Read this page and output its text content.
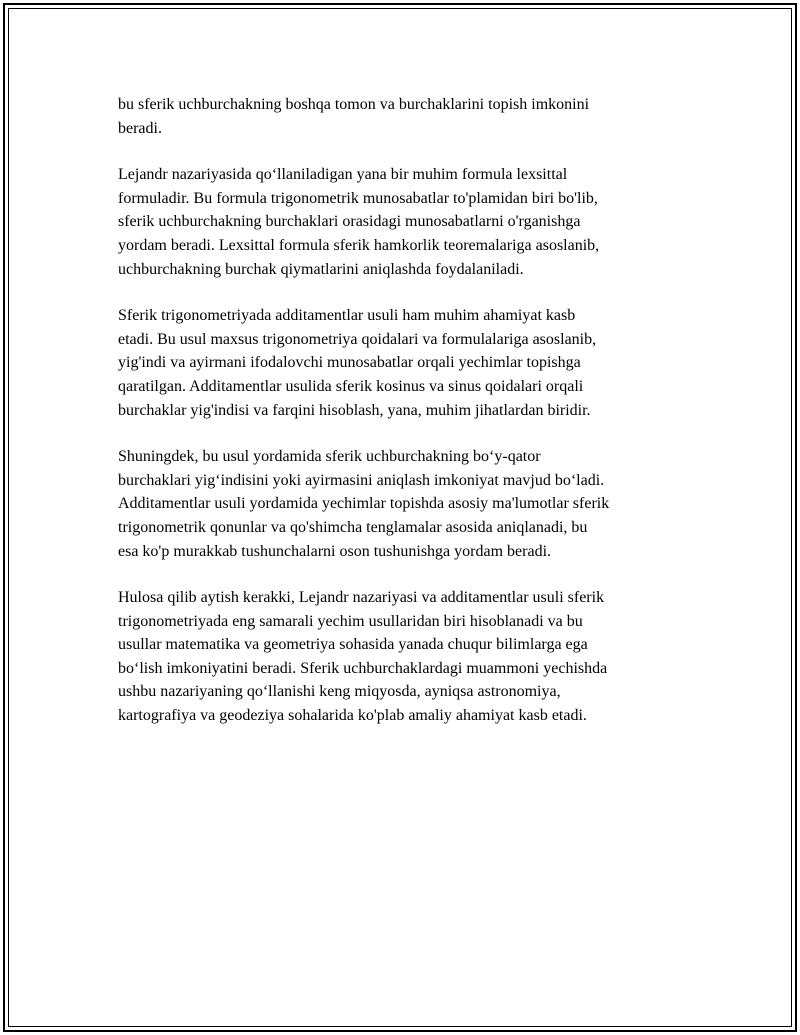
bu sferik uchburchakning boshqa tomon va burchaklarini topish imkonini
beradi.

Lejandr nazariyasida qo‘llaniladigan yana bir muhim formula lexsittal
formuladir. Bu formula trigonometrik munosabatlar to'plamidan biri bo'lib,
sferik uchburchakning burchaklari orasidagi munosabatlarni o'rganishga
yordam beradi. Lexsittal formula sferik hamkorlik teoremalariga asoslanib,
uchburchakning burchak qiymatlarini aniqlashda foydalaniladi.

Sferik trigonometriyada additamentlar usuli ham muhim ahamiyat kasb
etadi. Bu usul maxsus trigonometriya qoidalari va formulalariga asoslanib,
yig'indi va ayirmani ifodalovchi munosabatlar orqali yechimlar topishga
qaratilgan. Additamentlar usulida sferik kosinus va sinus qoidalari orqali
burchaklar yig'indisi va farqini hisoblash, yana, muhim jihatlardan biridir.

Shuningdek, bu usul yordamida sferik uchburchakning bo‘y-qator
burchaklari yig‘indisini yoki ayirmasini aniqlash imkoniyat mavjud bo‘ladi.
Additamentlar usuli yordamida yechimlar topishda asosiy ma'lumotlar sferik
trigonometrik qonunlar va qo'shimcha tenglamalar asosida aniqlanadi, bu
esa ko'p murakkab tushunchalarni oson tushunishga yordam beradi.

Hulosa qilib aytish kerakki, Lejandr nazariyasi va additamentlar usuli sferik
trigonometriyada eng samarali yechim usullaridan biri hisoblanadi va bu
usullar matematika va geometriya sohasida yanada chuqur bilimlarga ega
bo‘lish imkoniyatini beradi. Sferik uchburchaklardagi muammoni yechishda
ushbu nazariyaning qo‘llanishi keng miqyosda, ayniqsa astronomiya,
kartografiya va geodeziya sohalarida ko'plab amaliy ahamiyat kasb etadi.
